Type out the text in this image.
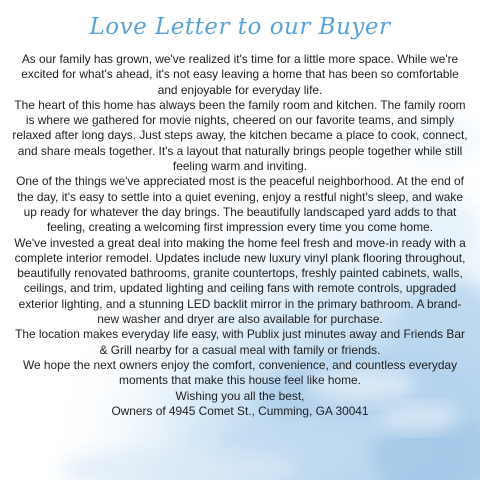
Love Letter to our Buyer

As our family has grown, we've realized it's time for a little more space. While we're excited for what's ahead, it's not easy leaving a home that has been so comfortable and enjoyable for everyday life.

The heart of this home has always been the family room and kitchen. The family room is where we gathered for movie nights, cheered on our favorite teams, and simply relaxed after long days. Just steps away, the kitchen became a place to cook, connect, and share meals together. It's a layout that naturally brings people together while still feeling warm and inviting.

One of the things we've appreciated most is the peaceful neighborhood. At the end of the day, it's easy to settle into a quiet evening, enjoy a restful night's sleep, and wake up ready for whatever the day brings. The beautifully landscaped yard adds to that feeling, creating a welcoming first impression every time you come home.

We've invested a great deal into making the home feel fresh and move-in ready with a complete interior remodel. Updates include new luxury vinyl plank flooring throughout, beautifully renovated bathrooms, granite countertops, freshly painted cabinets, walls, ceilings, and trim, updated lighting and ceiling fans with remote controls, upgraded exterior lighting, and a stunning LED backlit mirror in the primary bathroom. A brand-new washer and dryer are also available for purchase.

The location makes everyday life easy, with Publix just minutes away and Friends Bar & Grill nearby for a casual meal with family or friends.

We hope the next owners enjoy the comfort, convenience, and countless everyday moments that make this house feel like home.

Wishing you all the best,

Owners of 4945 Comet St., Cumming, GA 30041
